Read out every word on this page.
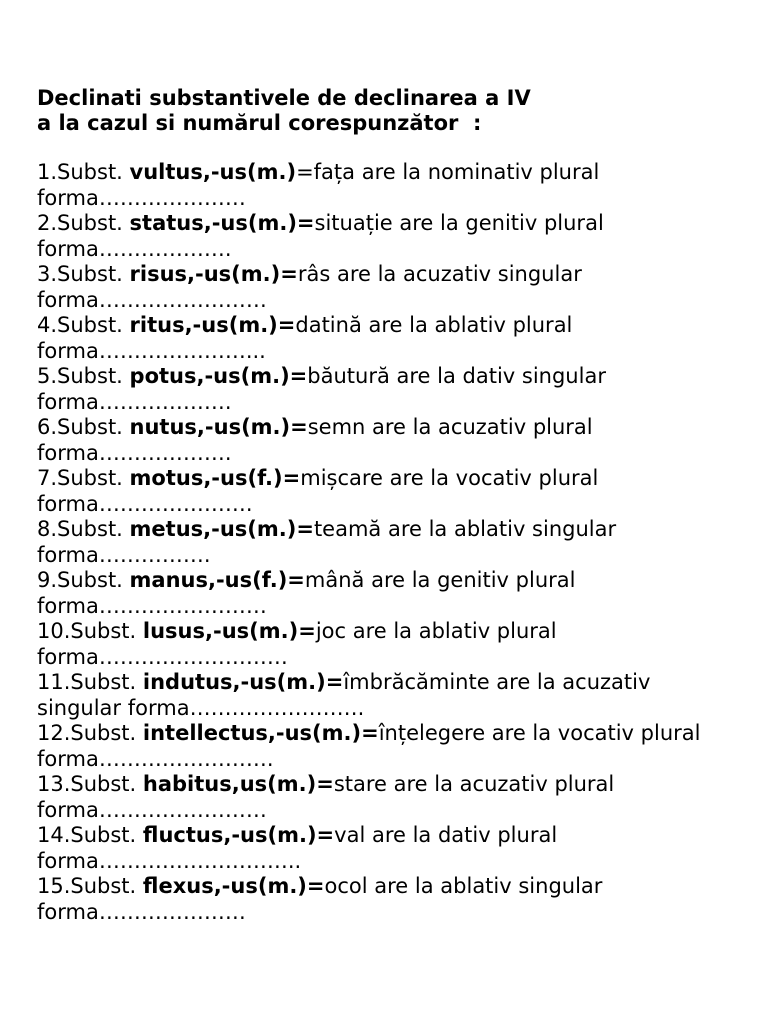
Declinati substantivele de declinarea a IV
a la cazul si numărul corespunzător  :
1.Subst. vultus,-us(m.)=fața are la nominativ plural forma…………………
2.Subst. status,-us(m.)=situație are la genitiv plural forma……………….
3.Subst. risus,-us(m.)=râs are la acuzativ singular forma……………………
4.Subst. ritus,-us(m.)=datină are la ablativ plural forma…………………...
5.Subst. potus,-us(m.)=băutură are la dativ singular forma……………….
6.Subst. nutus,-us(m.)=semn are la acuzativ plural forma……………….
7.Subst. motus,-us(f.)=mișcare are la vocativ plural forma………………….
8.Subst. metus,-us(m.)=teamă are la ablativ singular forma…………….
9.Subst. manus,-us(f.)=mână are la genitiv plural forma……………………
10.Subst. lusus,-us(m.)=joc are la ablativ plural forma………………………
11.Subst. indutus,-us(m.)=îmbrăcăminte are la acuzativ singular forma…………………….
12.Subst. intellectus,-us(m.)=înțelegere are la vocativ plural forma…………………….
13.Subst. habitus,us(m.)=stare are la acuzativ plural forma……………………
14.Subst. fluctus,-us(m.)=val are la dativ plural forma………………………..
15.Subst. flexus,-us(m.)=ocol are la ablativ singular forma…………………
